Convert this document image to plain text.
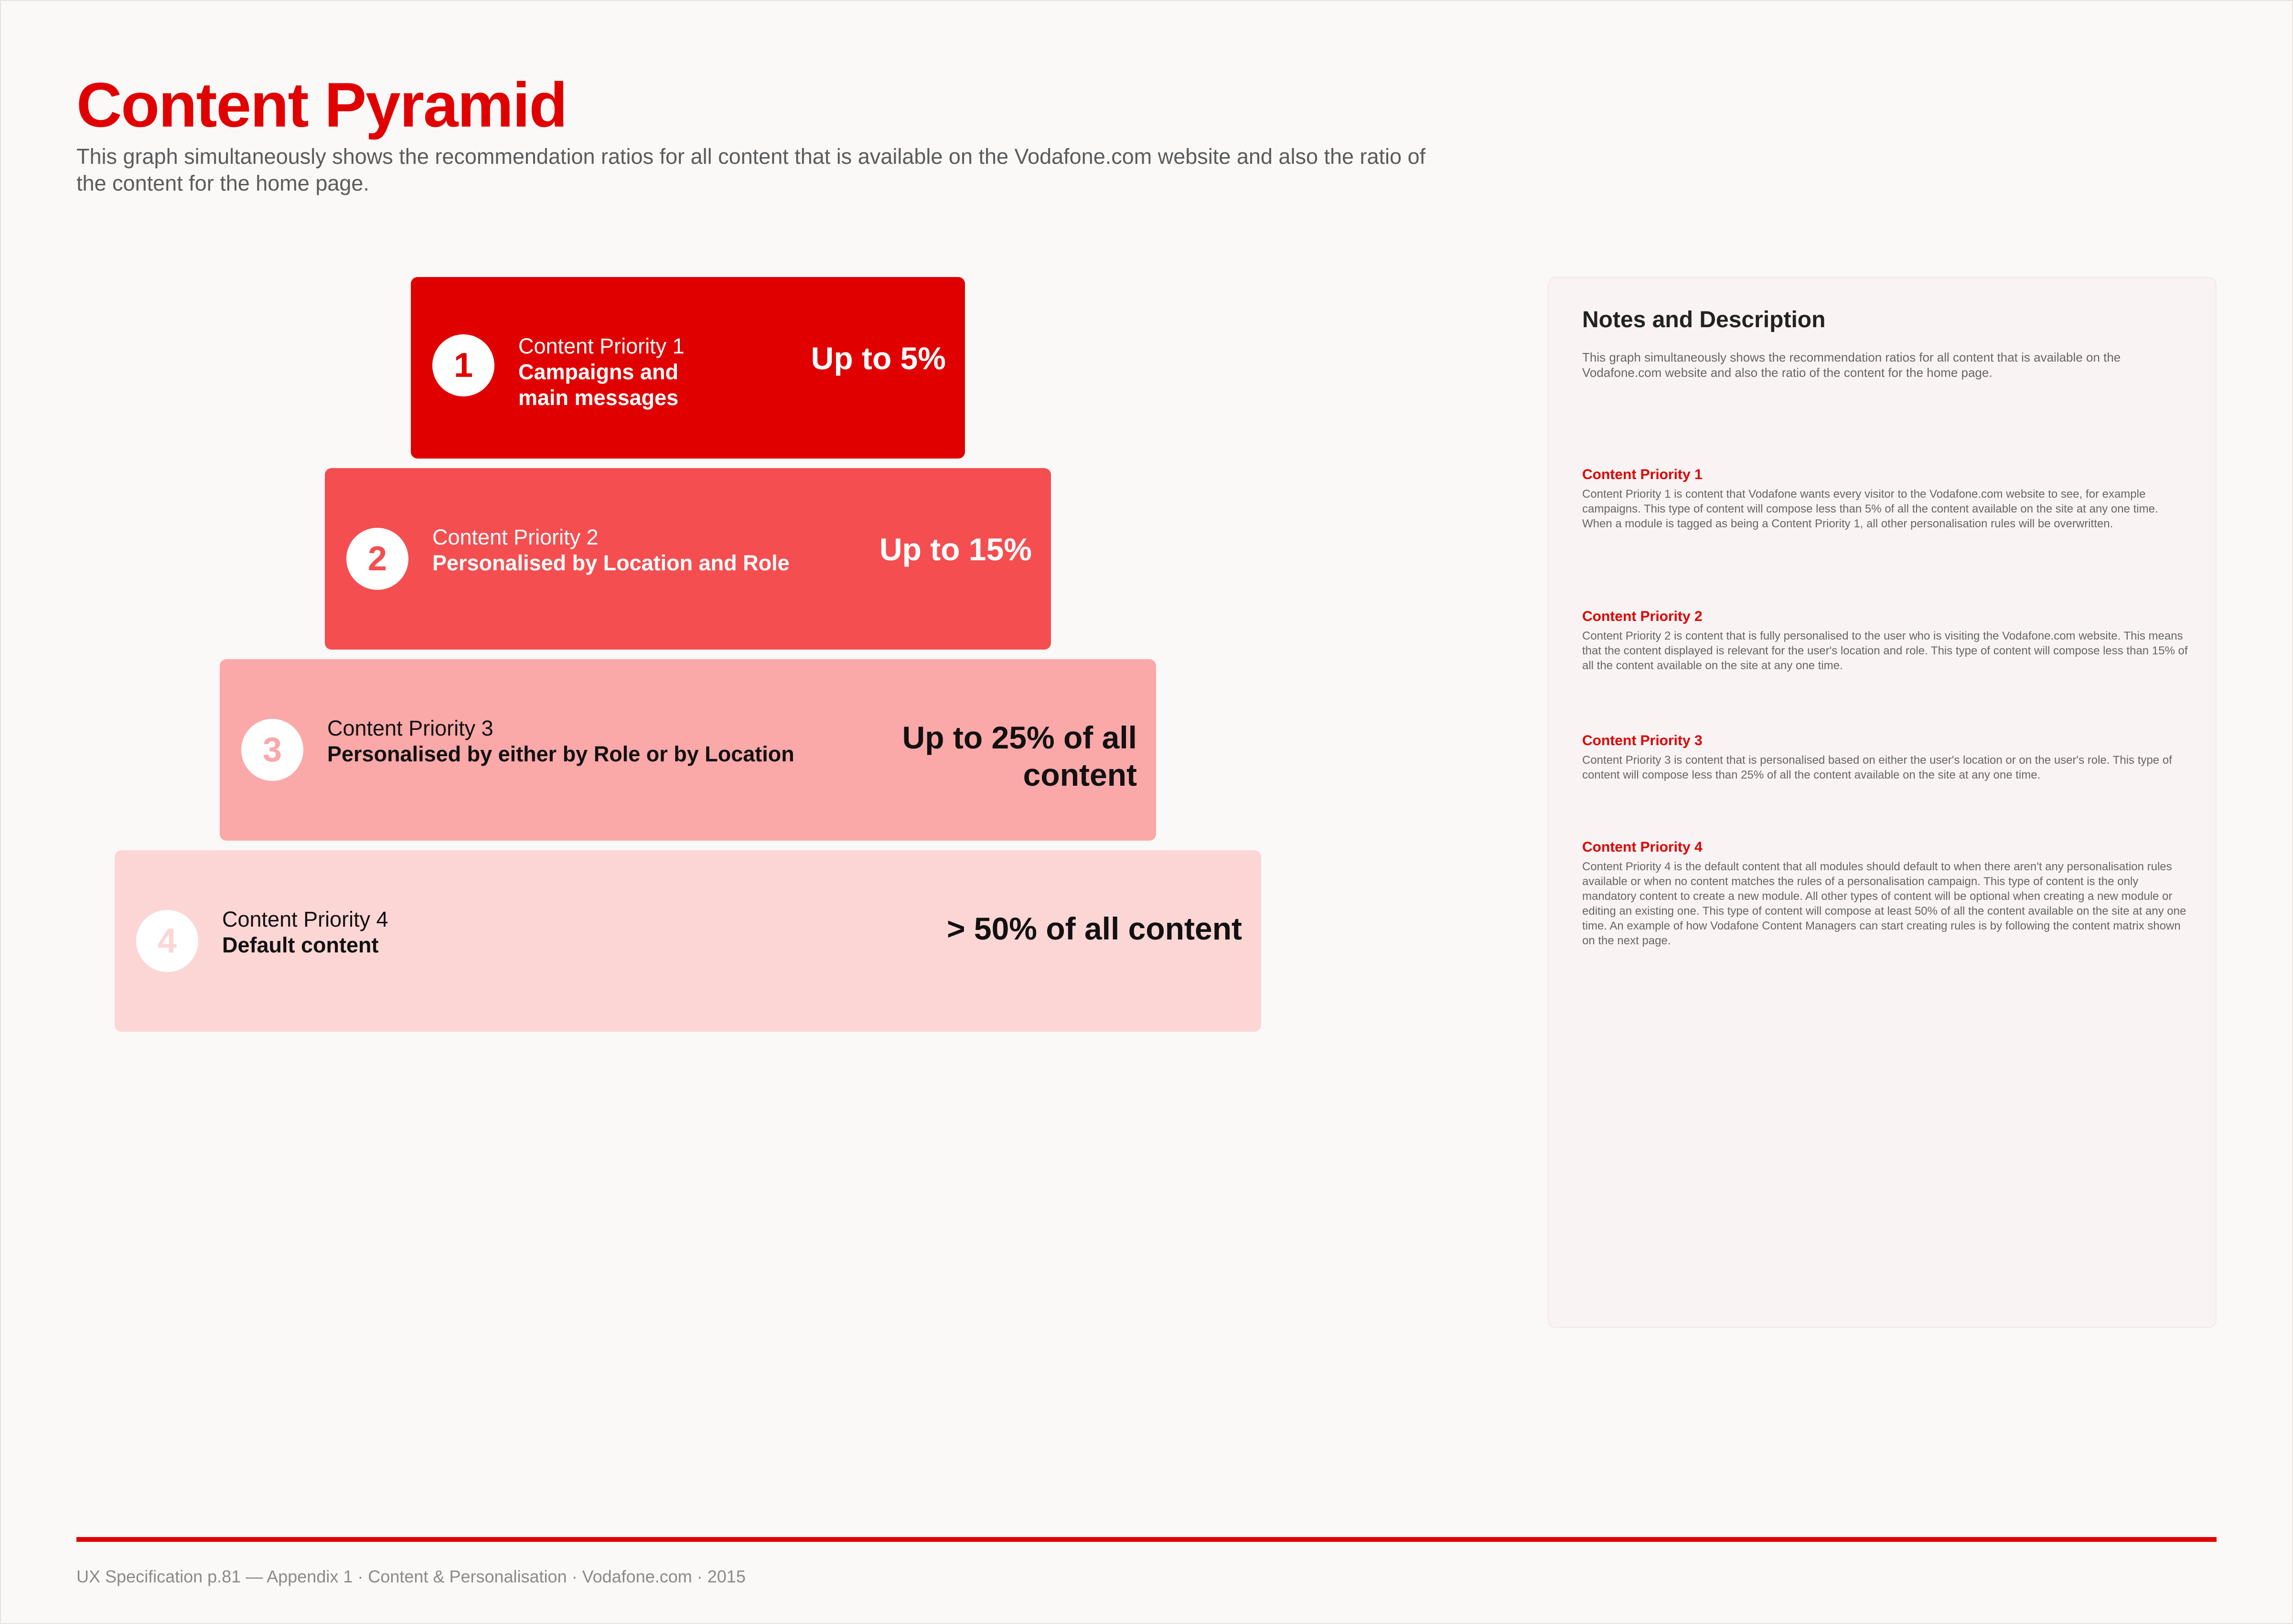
Content Pyramid
This graph simultaneously shows the recommendation ratios for all content that is available on the Vodafone.com website and also the ratio of the content for the home page.
1
Content Priority 1
Campaigns and
main messages
Up to 5%
2
Content Priority 2
Personalised by Location and Role	Up to 15%
3
Content Priority 3
Personalised by either by Role or by Location	Up to 25% of all content
4
Content Priority 4
Default content	> 50% of all content
Notes and Description
This graph simultaneously shows the recommendation ratios for all content that is available on the Vodafone.com website and also the ratio of the content for the home page.
Content Priority 1
Content Priority 1 is content that Vodafone wants every visitor to the Vodafone.com website to see, for example campaigns. This type of content will compose less than 5% of all the content available on the site at any one time. When a module is tagged as being a Content Priority 1, all other personalisation rules will be overwritten.
Content Priority 2
Content Priority 2 is content that is fully personalised to the user who is visiting the Vodafone.com website. This means that the content displayed is relevant for the user's location and role. This type of content will compose less than 15% of all the content available on the site at any one time.
Content Priority 3
Content Priority 3 is content that is personalised based on either the user's location or on the user's role. This type of content will compose less than 25% of all the content available on the site at any one time.
Content Priority 4
Content Priority 4 is the default content that all modules should default to when there aren't any personalisation rules available or when no content matches the rules of a personalisation campaign. This type of content is the only mandatory content to create a new module. All other types of content will be optional when creating a new module or editing an existing one. This type of content will compose at least 50% of all the content available on the site at any one time. An example of how Vodafone Content Managers can start creating rules is by following the content matrix shown on the next page.
UX Specification p.81 — Appendix 1 · Content & Personalisation · Vodafone.com · 2015
